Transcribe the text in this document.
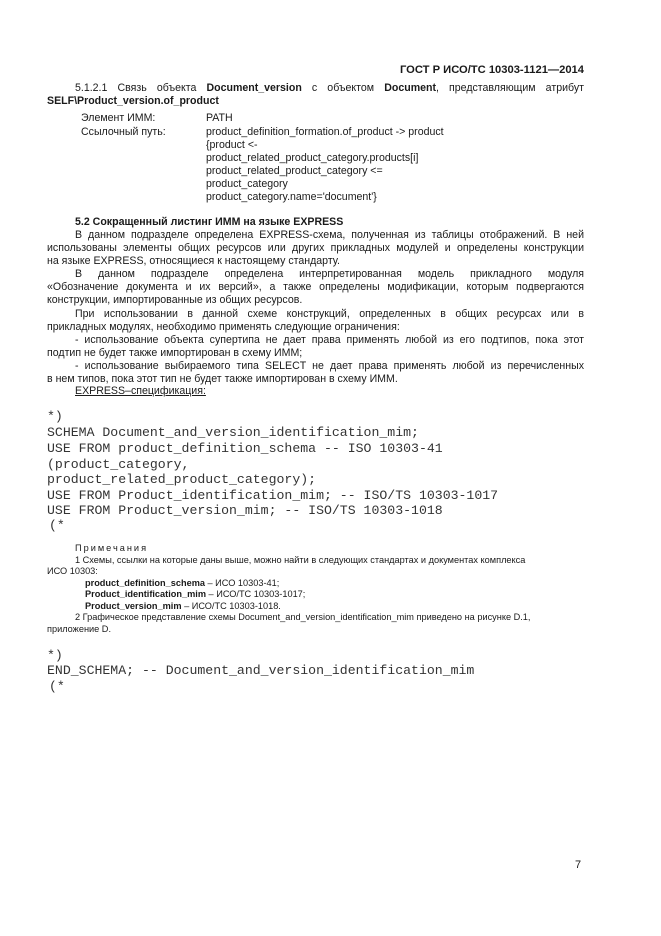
ГОСТ Р ИСО/ТС 10303-1121—2014
5.1.2.1 Связь объекта Document_version с объектом Document, представляющим атрибут
SELF\Product_version.of_product
Элемент ИММ:	PATH
Ссылочный путь:	product_definition_formation.of_product -> product
{product <-
product_related_product_category.products[i]
product_related_product_category <=
product_category
product_category.name='document'}
5.2 Сокращенный листинг ИММ на языке EXPRESS
В данном подразделе определена EXPRESS-схема, полученная из таблицы отображений. В ней
использованы элементы общих ресурсов или других прикладных модулей и определены конструкции
на языке EXPRESS, относящиеся к настоящему стандарту.
В данном подразделе определена интерпретированная модель прикладного модуля
«Обозначение документа и их версий», а также определены модификации, которым подвергаются
конструкции, импортированные из общих ресурсов.
При использовании в данной схеме конструкций, определенных в общих ресурсах или в
прикладных модулях, необходимо применять следующие ограничения:
- использование объекта супертипа не дает права применять любой из его подтипов, пока этот
подтип не будет также импортирован в схему ИММ;
- использование выбираемого типа SELECT не дает права применять любой из перечисленных
в нем типов, пока этот тип не будет также импортирован в схему ИММ.
EXPRESS–спецификация:
*)
SCHEMA Document_and_version_identification_mim;
USE FROM product_definition_schema -- ISO 10303-41
(product_category,
product_related_product_category);
USE FROM Product_identification_mim; -- ISO/TS 10303-1017
USE FROM Product_version_mim; -- ISO/TS 10303-1018
(*
Примечания
1 Схемы, ссылки на которые даны выше, можно найти в следующих стандартах и документах комплекса
ИСО 10303:
product_definition_schema – ИСО 10303-41;
Product_identification_mim – ИСО/ТС 10303-1017;
Product_version_mim – ИСО/ТС 10303-1018.
2 Графическое представление схемы Document_and_version_identification_mim приведено на рисунке D.1,
приложение D.
*)
END_SCHEMA; -- Document_and_version_identification_mim
(*
7
